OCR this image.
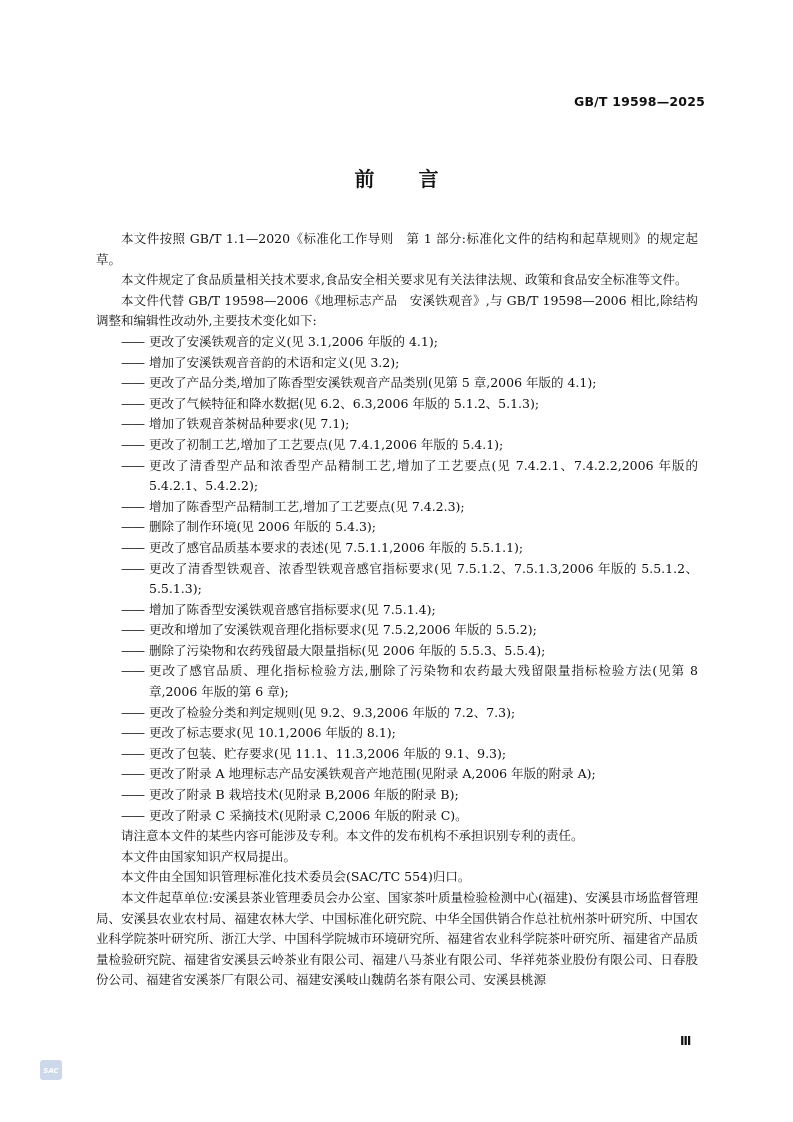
GB/T 19598—2025
前言
本文件按照 GB/T 1.1—2020《标准化工作导则　第 1 部分:标准化文件的结构和起草规则》的规定起草。
本文件规定了食品质量相关技术要求,食品安全相关要求见有关法律法规、政策和食品安全标准等文件。
本文件代替 GB/T 19598—2006《地理标志产品　安溪铁观音》,与 GB/T 19598—2006 相比,除结构调整和编辑性改动外,主要技术变化如下:
—— 更改了安溪铁观音的定义(见 3.1,2006 年版的 4.1);
—— 增加了安溪铁观音音韵的术语和定义(见 3.2);
—— 更改了产品分类,增加了陈香型安溪铁观音产品类别(见第 5 章,2006 年版的 4.1);
—— 更改了气候特征和降水数据(见 6.2、6.3,2006 年版的 5.1.2、5.1.3);
—— 增加了铁观音茶树品种要求(见 7.1);
—— 更改了初制工艺,增加了工艺要点(见 7.4.1,2006 年版的 5.4.1);
—— 更改了清香型产品和浓香型产品精制工艺,增加了工艺要点(见 7.4.2.1、7.4.2.2,2006 年版的 5.4.2.1、5.4.2.2);
—— 增加了陈香型产品精制工艺,增加了工艺要点(见 7.4.2.3);
—— 删除了制作环境(见 2006 年版的 5.4.3);
—— 更改了感官品质基本要求的表述(见 7.5.1.1,2006 年版的 5.5.1.1);
—— 更改了清香型铁观音、浓香型铁观音感官指标要求(见 7.5.1.2、7.5.1.3,2006 年版的 5.5.1.2、5.5.1.3);
—— 增加了陈香型安溪铁观音感官指标要求(见 7.5.1.4);
—— 更改和增加了安溪铁观音理化指标要求(见 7.5.2,2006 年版的 5.5.2);
—— 删除了污染物和农药残留最大限量指标(见 2006 年版的 5.5.3、5.5.4);
—— 更改了感官品质、理化指标检验方法,删除了污染物和农药最大残留限量指标检验方法(见第 8 章,2006 年版的第 6 章);
—— 更改了检验分类和判定规则(见 9.2、9.3,2006 年版的 7.2、7.3);
—— 更改了标志要求(见 10.1,2006 年版的 8.1);
—— 更改了包装、贮存要求(见 11.1、11.3,2006 年版的 9.1、9.3);
—— 更改了附录 A 地理标志产品安溪铁观音产地范围(见附录 A,2006 年版的附录 A);
—— 更改了附录 B 栽培技术(见附录 B,2006 年版的附录 B);
—— 更改了附录 C 采摘技术(见附录 C,2006 年版的附录 C)。
请注意本文件的某些内容可能涉及专利。本文件的发布机构不承担识别专利的责任。
本文件由国家知识产权局提出。
本文件由全国知识管理标准化技术委员会(SAC/TC 554)归口。
本文件起草单位:安溪县茶业管理委员会办公室、国家茶叶质量检验检测中心(福建)、安溪县市场监督管理局、安溪县农业农村局、福建农林大学、中国标准化研究院、中华全国供销合作总社杭州茶叶研究所、中国农业科学院茶叶研究所、浙江大学、中国科学院城市环境研究所、福建省农业科学院茶叶研究所、福建省产品质量检验研究院、福建省安溪县云岭茶业有限公司、福建八马茶业有限公司、华祥苑茶业股份有限公司、日春股份公司、福建省安溪茶厂有限公司、福建安溪岐山魏荫名茶有限公司、安溪县桃源
Ⅲ
SAC
